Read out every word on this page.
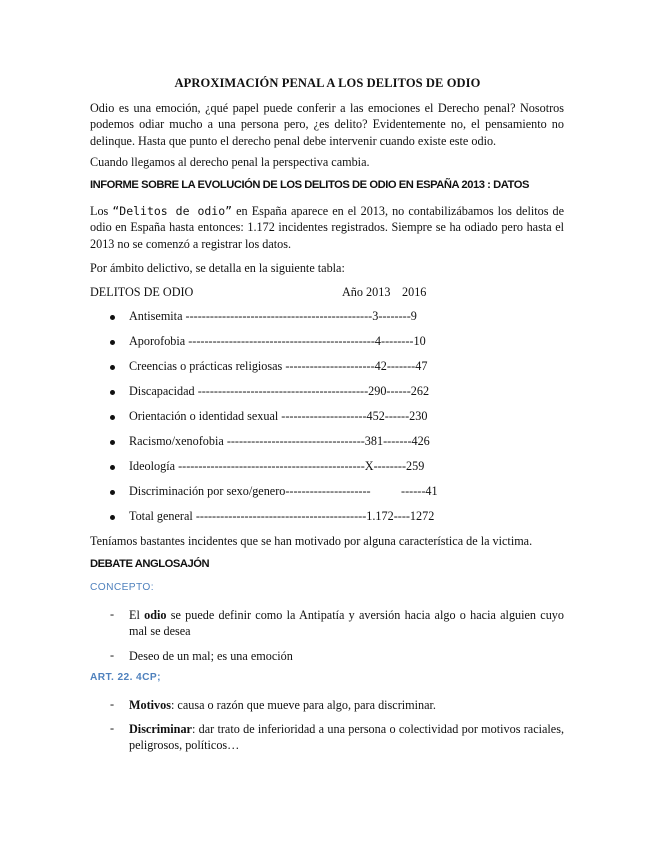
APROXIMACIÓN PENAL A LOS DELITOS DE ODIO
Odio es una emoción, ¿qué papel puede conferir a las emociones el Derecho penal? Nosotros podemos odiar mucho a una persona pero, ¿es delito? Evidentemente no, el pensamiento no delinque. Hasta que punto el derecho penal debe intervenir cuando existe este odio.
Cuando llegamos al derecho penal la perspectiva cambia.
INFORME SOBRE LA EVOLUCIÓN DE LOS DELITOS DE ODIO EN ESPAÑA 2013 : DATOS
Los “Delitos de odio” en España aparece en el 2013, no contabilizábamos los delitos de odio en España hasta entonces: 1.172 incidentes registrados. Siempre se ha odiado pero hasta el 2013 no se comenzó a registrar los datos.
Por ámbito delictivo, se detalla en la siguiente tabla:
DELITOS DE ODIO	Año 2013 2016
Antisemita ----------------------------------------------3--------9
Aporofobia ----------------------------------------------4--------10
Creencias o prácticas religiosas ----------------------42-------47
Discapacidad ------------------------------------------290------262
Orientación o identidad sexual ---------------------452------230
Racismo/xenofobia ----------------------------------381-------426
Ideología ----------------------------------------------X--------259
Discriminación por sexo/genero---------------------          ------41
Total general ------------------------------------------1.172----1272
Teníamos bastantes incidentes que se han motivado por alguna característica de la victima.
DEBATE ANGLOSAJÓN
CONCEPTO:
- El odio se puede definir como la Antipatía y aversión hacia algo o hacia alguien cuyo mal se desea
- Deseo de un mal; es una emoción
ART. 22. 4CP;
- Motivos: causa o razón que mueve para algo, para discriminar.
- Discriminar: dar trato de inferioridad a una persona o colectividad por motivos raciales, peligrosos, políticos…
